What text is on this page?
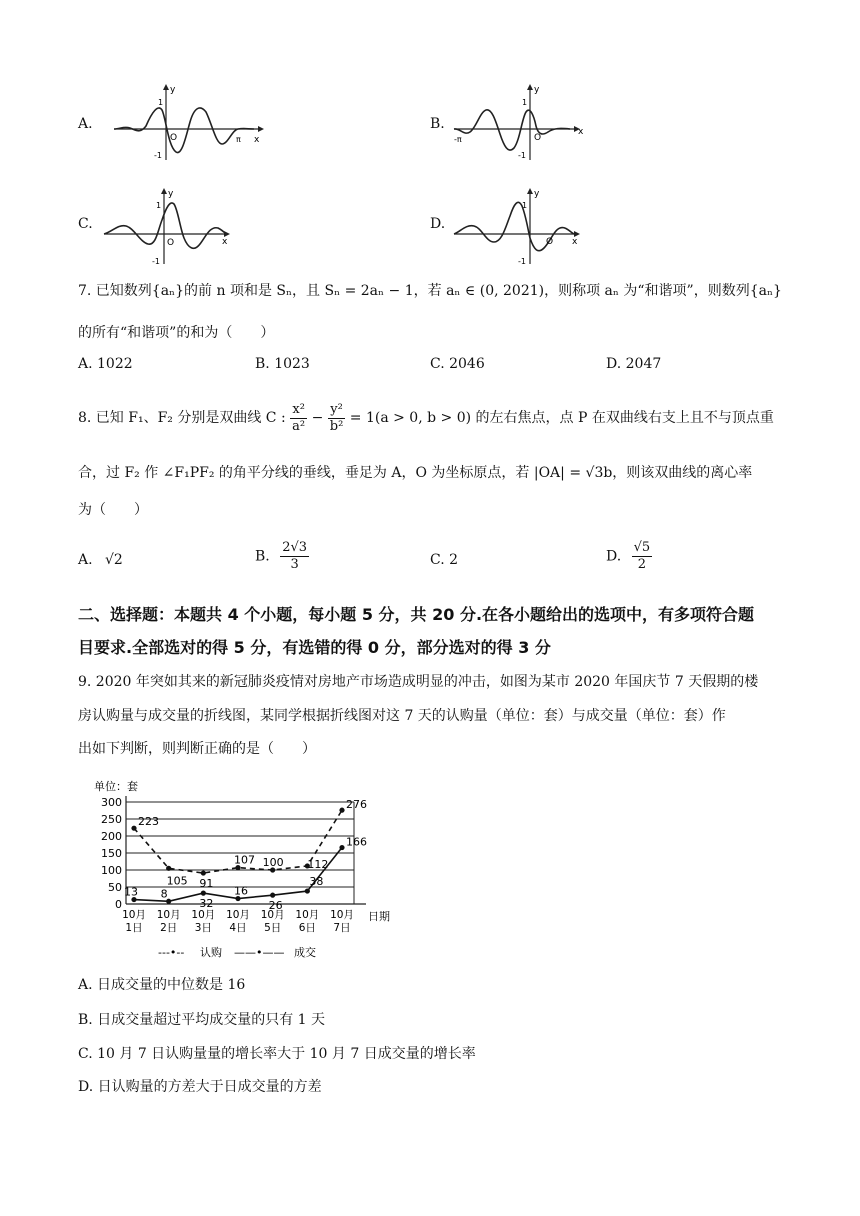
A.	B.
C.	D.
y
x
1
-1
O	π
y
x
1
-1
O
-π
y
x
1
-1
O
y
x
1
-1
O
7. 已知数列{aₙ}的前 n 项和是 Sₙ，且 Sₙ = 2aₙ − 1，若 aₙ ∈ (0, 2021)，则称项 aₙ 为“和谐项”，则数列{aₙ}
的所有“和谐项”的和为（　　）
A. 1022	B. 1023	C. 2046	D. 2047
8. 已知 F₁、F₂ 分别是双曲线 C : $\frac{\text{x²}}{\text{a²}} - \frac{\text{y²}}{\text{b²}} = 1(a > 0$, b > 0) 的左右焦点，点 P 在双曲线右支上且不与顶点重
合，过 F₂ 作 ∠F₁PF₂ 的角平分线的垂线，垂足为 A，O 为坐标原点，若 |OA| = √3b，则该双曲线的离心率
为（　　）
A. √2	B. $\frac{2√3}{3}$	C. 2	D. $\frac{√5}{2}$
二、选择题：本题共 4 个小题，每小题 5 分，共 20 分.在各小题给出的选项中，有多项符合题
目要求.全部选对的得 5 分，有选错的得 0 分，部分选对的得 3 分
9. 2020 年突如其来的新冠肺炎疫情对房地产市场造成明显的冲击，如图为某市 2020 年国庆节 7 天假期的楼
房认购量与成交量的折线图，某同学根据折线图对这 7 天的认购量（单位：套）与成交量（单位：套）作
出如下判断，则判断正确的是（　　）
单位：套
300
250
200
150
100
50
0
10月
1日
10月
2日
10月
3日
10月
4日
10月
5日
10月
6日
10月
7日
日期
223
105 91
107 100 112
276
13 8
32
16
26
38
166
---•-- 认购 ——•—— 成交
A. 日成交量的中位数是 16
B. 日成交量超过平均成交量的只有 1 天
C. 10 月 7 日认购量量的增长率大于 10 月 7 日成交量的增长率
D. 日认购量的方差大于日成交量的方差
